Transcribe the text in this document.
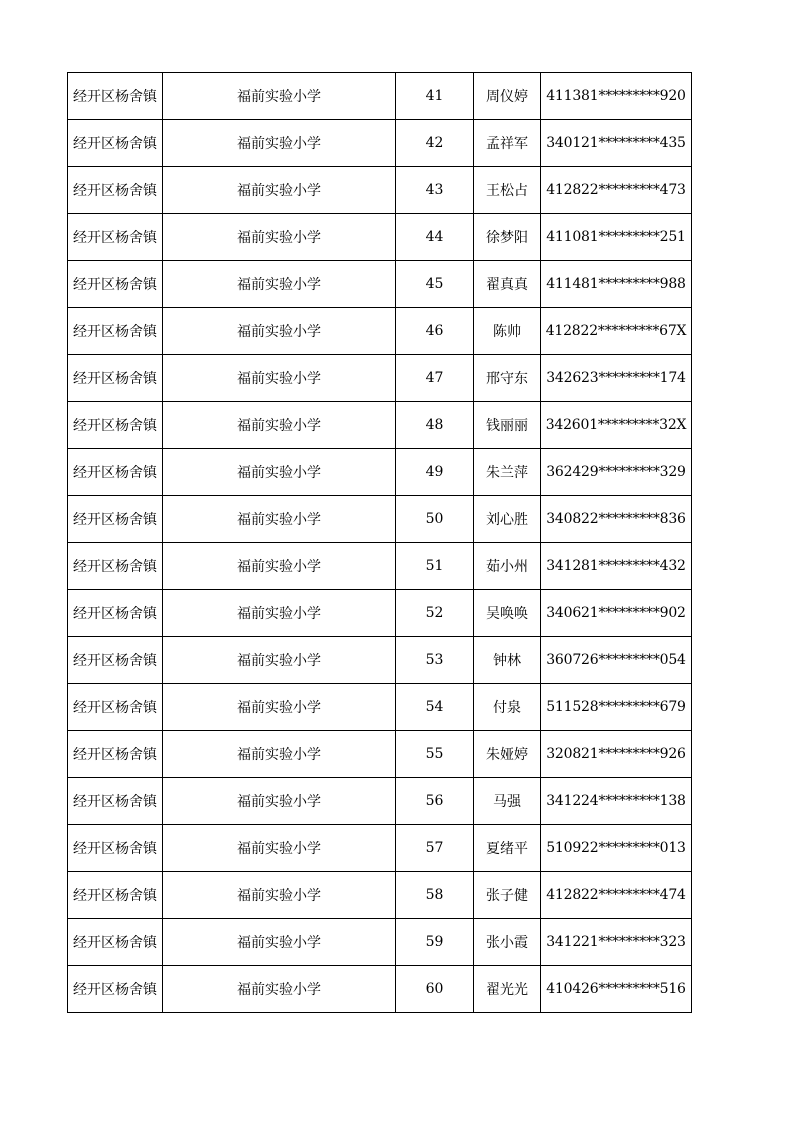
经开区杨舍镇	福前实验小学	41	周仪婷	411381*********920
经开区杨舍镇	福前实验小学	42	孟祥军	340121*********435
经开区杨舍镇	福前实验小学	43	王松占	412822*********473
经开区杨舍镇	福前实验小学	44	徐梦阳	411081*********251
经开区杨舍镇	福前实验小学	45	翟真真	411481*********988
经开区杨舍镇	福前实验小学	46	陈帅	412822*********67X
经开区杨舍镇	福前实验小学	47	邢守东	342623*********174
经开区杨舍镇	福前实验小学	48	钱丽丽	342601*********32X
经开区杨舍镇	福前实验小学	49	朱兰萍	362429*********329
经开区杨舍镇	福前实验小学	50	刘心胜	340822*********836
经开区杨舍镇	福前实验小学	51	茹小州	341281*********432
经开区杨舍镇	福前实验小学	52	吴唤唤	340621*********902
经开区杨舍镇	福前实验小学	53	钟林	360726*********054
经开区杨舍镇	福前实验小学	54	付泉	511528*********679
经开区杨舍镇	福前实验小学	55	朱娅婷	320821*********926
经开区杨舍镇	福前实验小学	56	马强	341224*********138
经开区杨舍镇	福前实验小学	57	夏绪平	510922*********013
经开区杨舍镇	福前实验小学	58	张子健	412822*********474
经开区杨舍镇	福前实验小学	59	张小霞	341221*********323
经开区杨舍镇	福前实验小学	60	翟光光	410426*********516
